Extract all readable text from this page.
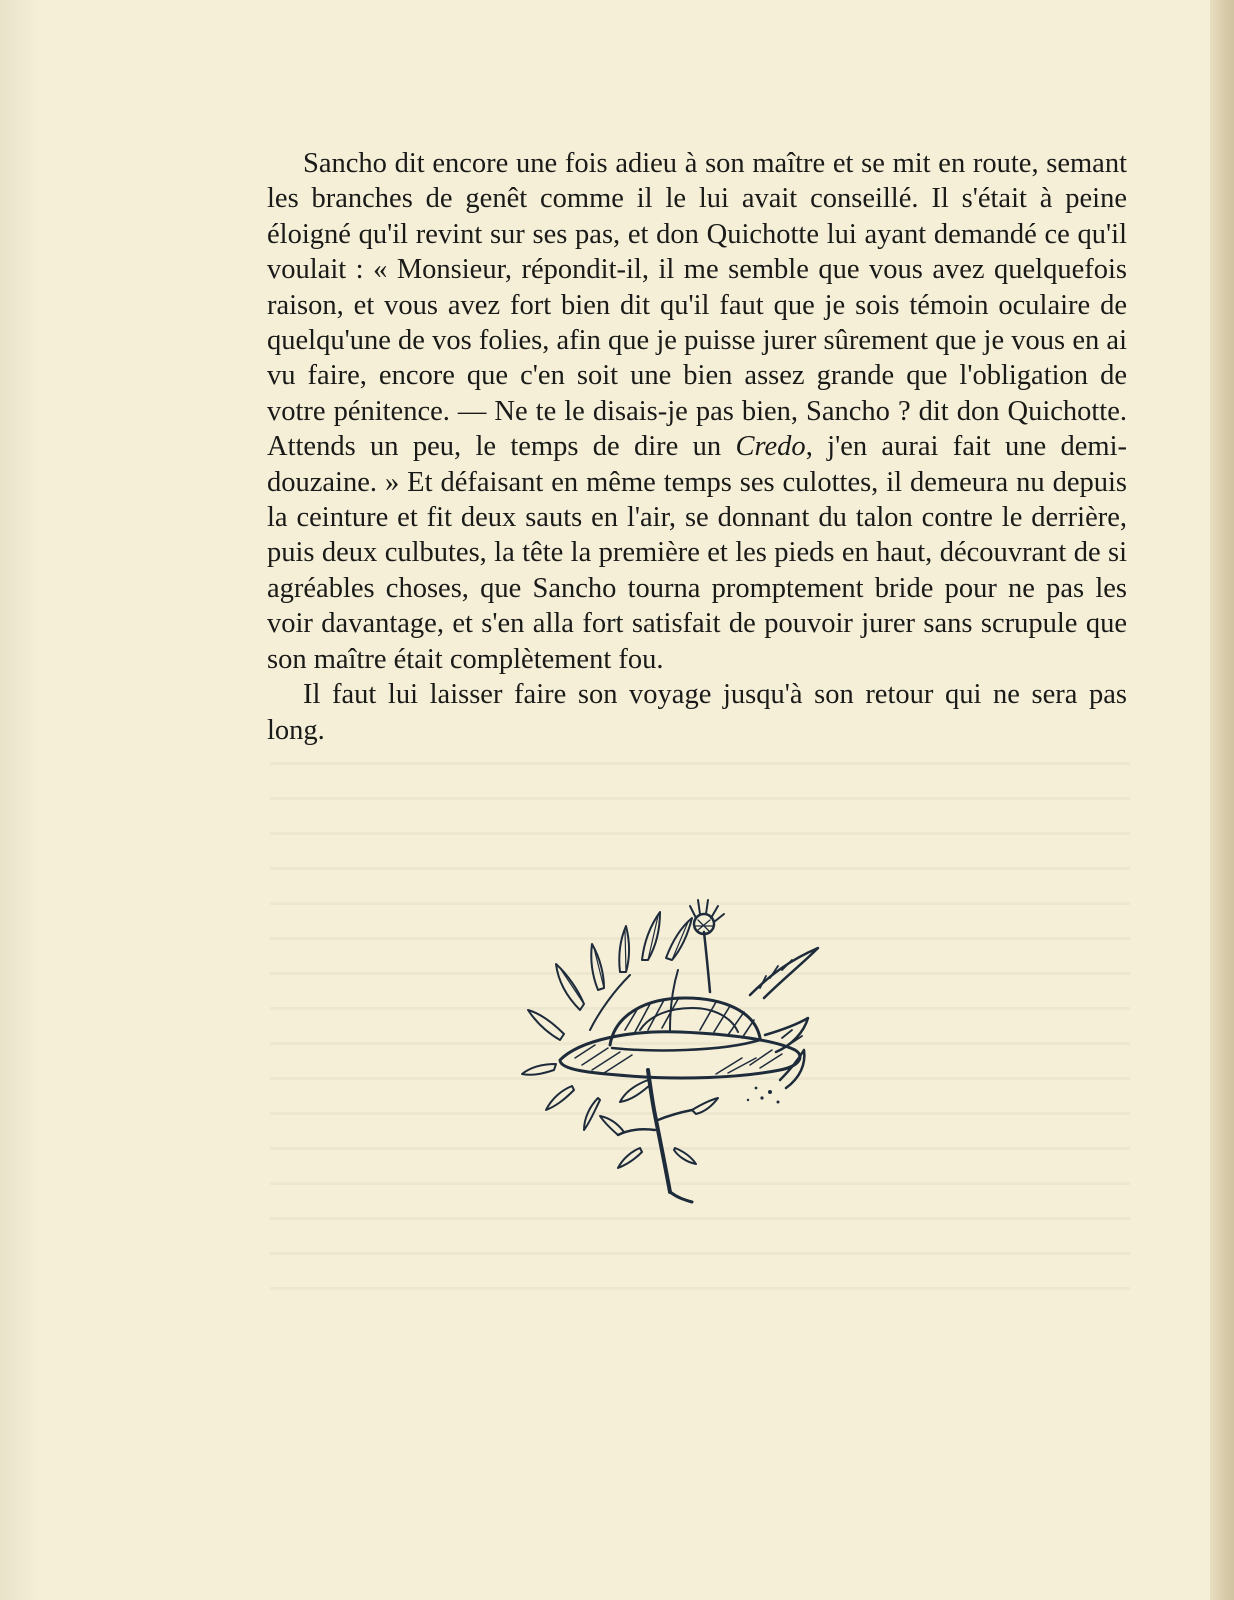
Sancho dit encore une fois adieu à son maître et se mit en route, semant les branches de genêt comme il le lui avait conseillé. Il s'était à peine éloigné qu'il revint sur ses pas, et don Quichotte lui ayant demandé ce qu'il voulait : « Monsieur, répondit-il, il me semble que vous avez quelquefois raison, et vous avez fort bien dit qu'il faut que je sois témoin oculaire de quelqu'une de vos folies, afin que je puisse jurer sûrement que je vous en ai vu faire, encore que c'en soit une bien assez grande que l'obligation de votre pénitence. — Ne te le disais-je pas bien, Sancho ? dit don Quichotte. Attends un peu, le temps de dire un Credo, j'en aurai fait une demi-douzaine. » Et défaisant en même temps ses culottes, il demeura nu depuis la ceinture et fit deux sauts en l'air, se donnant du talon contre le derrière, puis deux culbutes, la tête la première et les pieds en haut, découvrant de si agréables choses, que Sancho tourna promptement bride pour ne pas les voir davantage, et s'en alla fort satisfait de pouvoir jurer sans scrupule que son maître était complètement fou.

Il faut lui laisser faire son voyage jusqu'à son retour qui ne sera pas long.
